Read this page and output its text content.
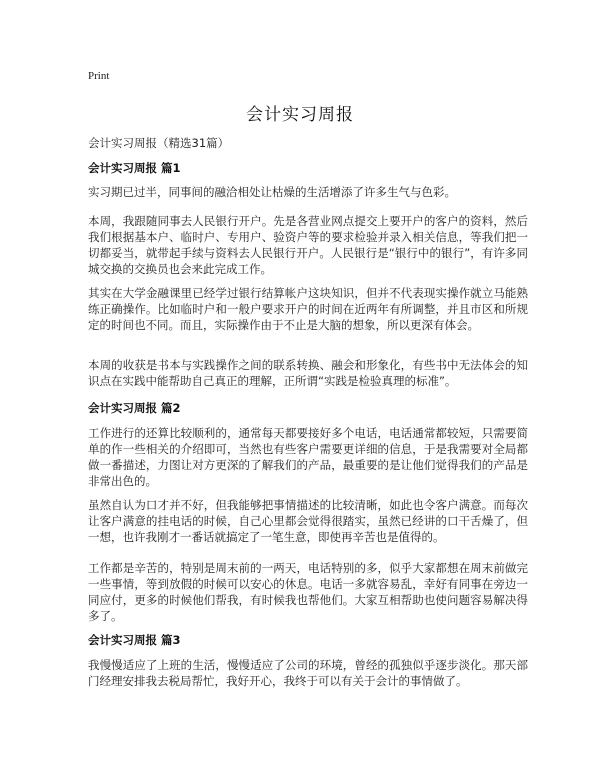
Print
会计实习周报
会计实习周报（精选31篇）
会计实习周报 篇1
实习期已过半，同事间的融洽相处让枯燥的生活增添了许多生气与色彩。
本周，我跟随同事去人民银行开户。先是各营业网点提交上要开户的客户的资料，然后我们根据基本户、临时户、专用户、验资户等的要求检验并录入相关信息，等我们把一切都妥当，就带起手续与资料去人民银行开户。人民银行是“银行中的银行”，有许多同城交换的交换员也会来此完成工作。
其实在大学金融课里已经学过银行结算帐户这块知识，但并不代表现实操作就立马能熟练正确操作。比如临时户和一般户要求开户的时间在近两年有所调整，并且市区和所规定的时间也不同。而且，实际操作由于不止是大脑的想象，所以更深有体会。
本周的收获是书本与实践操作之间的联系转换、融会和形象化，有些书中无法体会的知识点在实践中能帮助自己真正的理解，正所谓“实践是检验真理的标准”。
会计实习周报 篇2
工作进行的还算比较顺利的，通常每天都要接好多个电话，电话通常都较短，只需要简单的作一些相关的介绍即可，当然也有些客户需要更详细的信息，于是我需要对全局都做一番描述，力图让对方更深的了解我们的产品，最重要的是让他们觉得我们的产品是非常出色的。
虽然自认为口才并不好，但我能够把事情描述的比较清晰，如此也令客户满意。而每次让客户满意的挂电话的时候，自己心里都会觉得很踏实，虽然已经讲的口干舌燥了，但一想，也许我刚才一番话就搞定了一笔生意，即使再辛苦也是值得的。
工作都是辛苦的，特别是周末前的一两天，电话特别的多，似乎大家都想在周末前做完一些事情，等到放假的时候可以安心的休息。电话一多就容易乱，幸好有同事在旁边一同应付，更多的时候他们帮我，有时候我也帮他们。大家互相帮助也使问题容易解决得多了。
会计实习周报 篇3
我慢慢适应了上班的生活，慢慢适应了公司的环境，曾经的孤独似乎逐步淡化。那天部门经理安排我去税局帮忙，我好开心，我终于可以有关于会计的事情做了。
